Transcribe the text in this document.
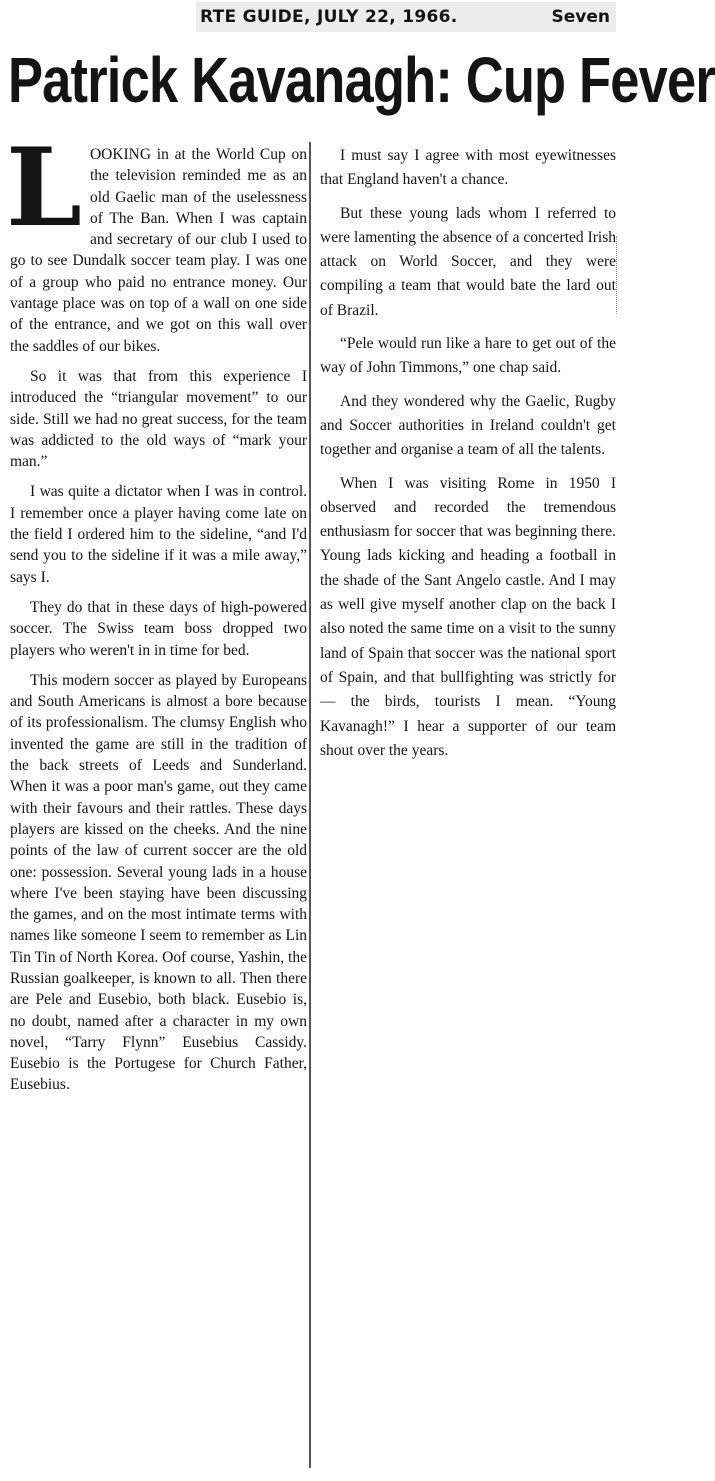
RTE GUIDE, JULY 22, 1966.	Seven
Patrick Kavanagh: Cup Fever

LOOKING in at the World Cup on the television reminded me as an old Gaelic man of the uselessness of The Ban. When I was captain and secretary of our club I used to go to see Dundalk soccer team play. I was one of a group who paid no entrance money. Our vantage place was on top of a wall on one side of the entrance, and we got on this wall over the saddles of our bikes.

So it was that from this experience I introduced the “triangular movement” to our side. Still we had no great success, for the team was addicted to the old ways of “mark your man.”

I was quite a dictator when I was in control. I remember once a player having come late on the field I ordered him to the sideline, “and I'd send you to the sideline if it was a mile away,” says I.

They do that in these days of high-powered soccer. The Swiss team boss dropped two players who weren't in in time for bed.

This modern soccer as played by Europeans and South Americans is almost a bore because of its professionalism. The clumsy English who invented the game are still in the tradition of the back streets of Leeds and Sunderland. When it was a poor man's game, out they came with their favours and their rattles. These days players are kissed on the cheeks. And the nine points of the law of current soccer are the old one: possession. Several young lads in a house where I've been staying have been discussing the games, and on the most intimate terms with names like someone I seem to remember as Lin Tin Tin of North Korea. Oof course, Yashin, the Russian goalkeeper, is known to all. Then there are Pele and Eusebio, both black. Eusebio is, no doubt, named after a character in my own novel, “Tarry Flynn” Eusebius Cassidy. Eusebio is the Portugese for Church Father, Eusebius.

I must say I agree with most eyewitnesses that England haven't a chance.

But these young lads whom I referred to were lamenting the absence of a concerted Irish attack on World Soccer, and they were compiling a team that would bate the lard out of Brazil.

“Pele would run like a hare to get out of the way of John Timmons,” one chap said.

And they wondered why the Gaelic, Rugby and Soccer authorities in Ireland couldn't get together and organise a team of all the talents.

When I was visiting Rome in 1950 I observed and recorded the tremendous enthusiasm for soccer that was beginning there. Young lads kicking and heading a football in the shade of the Sant Angelo castle. And I may as well give myself another clap on the back I also noted the same time on a visit to the sunny land of Spain that soccer was the national sport of Spain, and that bullfighting was strictly for — the birds, tourists I mean. “Young Kavanagh!” I hear a supporter of our team shout over the years.
